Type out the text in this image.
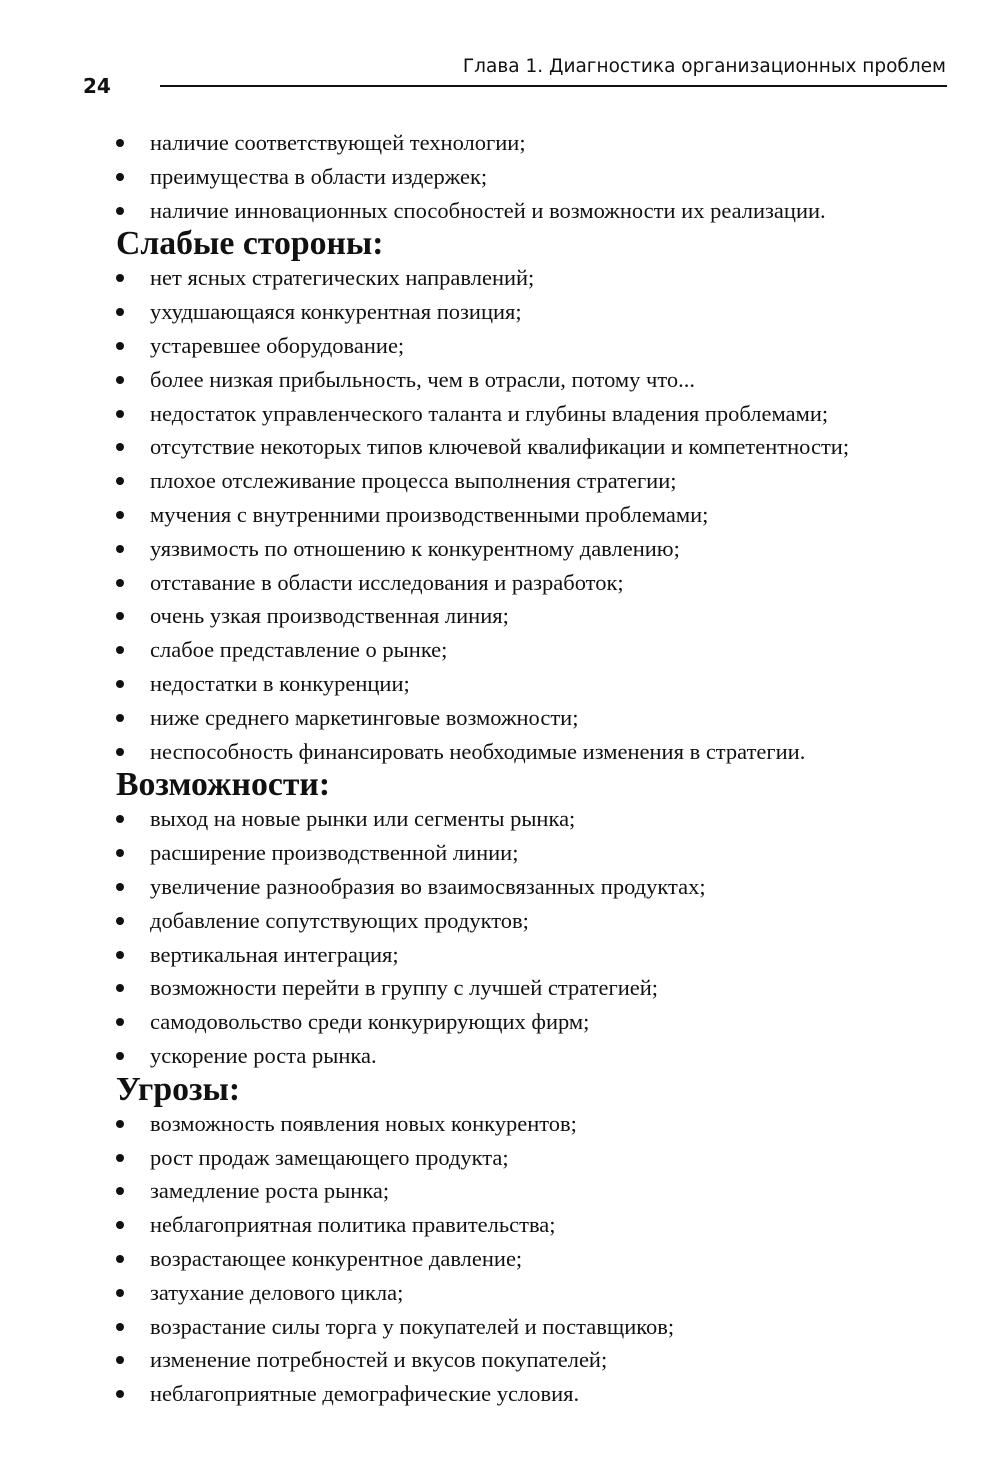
24
Глава 1. Диагностика организационных проблем
наличие соответствующей технологии;
преимущества в области издержек;
наличие инновационных способностей и возможности их реализации.
Слабые стороны:
нет ясных стратегических направлений;
ухудшающаяся конкурентная позиция;
устаревшее оборудование;
более низкая прибыльность, чем в отрасли, потому что...
недостаток управленческого таланта и глубины владения проблемами;
отсутствие некоторых типов ключевой квалификации и компетентности;
плохое отслеживание процесса выполнения стратегии;
мучения с внутренними производственными проблемами;
уязвимость по отношению к конкурентному давлению;
отставание в области исследования и разработок;
очень узкая производственная линия;
слабое представление о рынке;
недостатки в конкуренции;
ниже среднего маркетинговые возможности;
неспособность финансировать необходимые изменения в стратегии.
Возможности:
выход на новые рынки или сегменты рынка;
расширение производственной линии;
увеличение разнообразия во взаимосвязанных продуктах;
добавление сопутствующих продуктов;
вертикальная интеграция;
возможности перейти в группу с лучшей стратегией;
самодовольство среди конкурирующих фирм;
ускорение роста рынка.
Угрозы:
возможность появления новых конкурентов;
рост продаж замещающего продукта;
замедление роста рынка;
неблагоприятная политика правительства;
возрастающее конкурентное давление;
затухание делового цикла;
возрастание силы торга у покупателей и поставщиков;
изменение потребностей и вкусов покупателей;
неблагоприятные демографические условия.
